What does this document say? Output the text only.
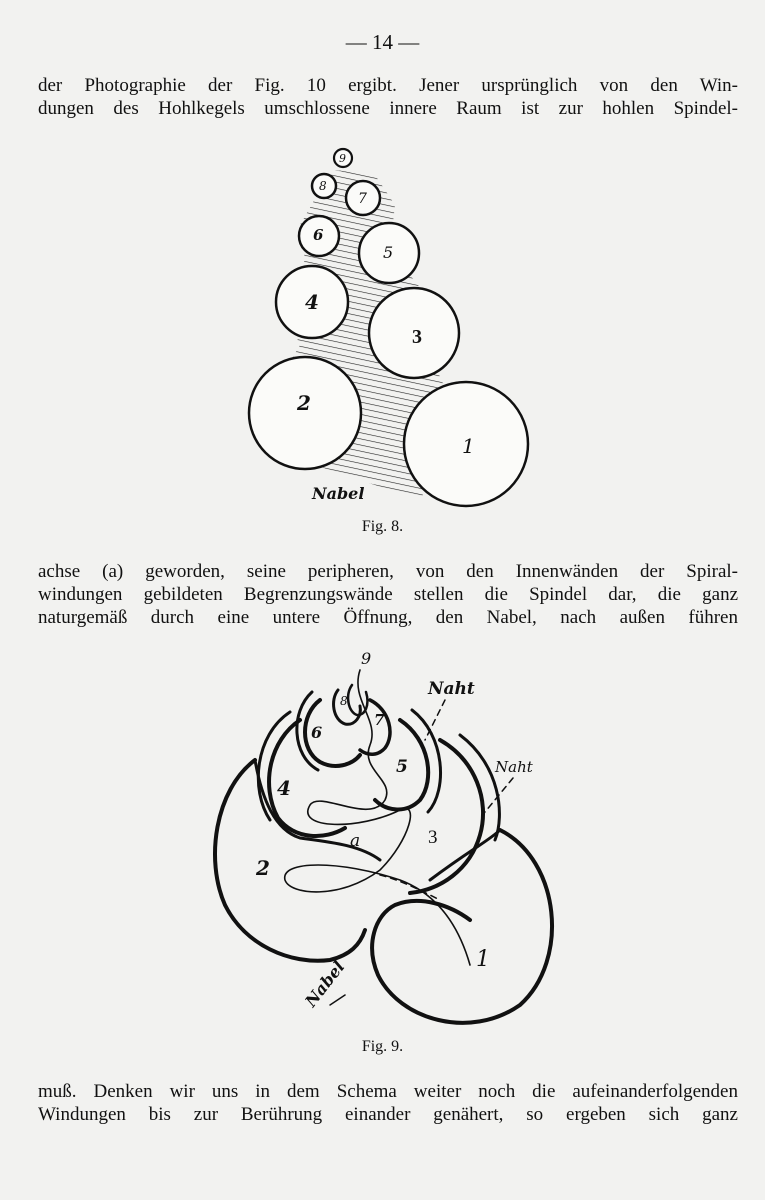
— 14 —
der Photographie der Fig. 10 ergibt. Jener ursprünglich von den Win-
dungen des Hohlkegels umschlossene innere Raum ist zur hohlen Spindel-
1
2
3
4
5
6
7
8
9
Nabel
Fig. 8.
achse (a) geworden, seine peripheren, von den Innenwänden der Spiral-
windungen gebildeten Begrenzungswände stellen die Spindel dar, die ganz
naturgemäß durch eine untere Öffnung, den Nabel, nach außen führen
1
2
3
4
5
6
7
8
9
a
Naht
Naht
Nabel
Fig. 9.
muß. Denken wir uns in dem Schema weiter noch die aufeinanderfolgenden
Windungen bis zur Berührung einander genähert, so ergeben sich ganz
